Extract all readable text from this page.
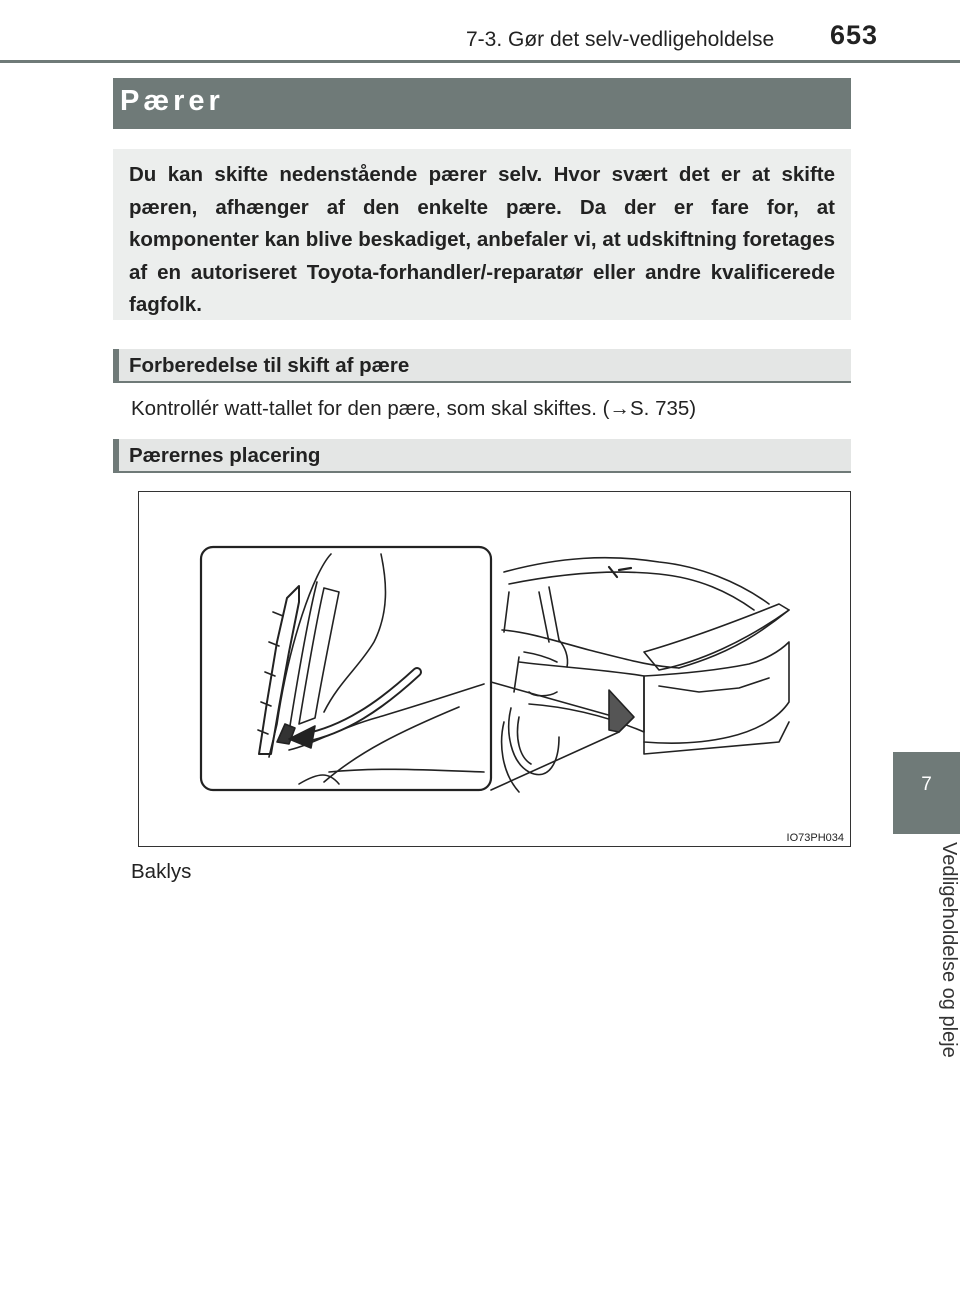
7-3. Gør det selv-vedligeholdelse 653
7
Vedligeholdelse og pleje
Pærer

Du kan skifte nedenstående pærer selv. Hvor svært det er at skifte pæren, afhænger af den enkelte pære. Da der er fare for, at komponenter kan blive beskadiget, anbefaler vi, at udskiftning foretages af en autoriseret Toyota-forhandler/-reparatør eller andre kvalificerede fagfolk.

Forberedelse til skift af pære
Kontrollér watt-tallet for den pære, som skal skiftes. (→S. 735)
Pærernes placering
IO73PH034
Baklys
